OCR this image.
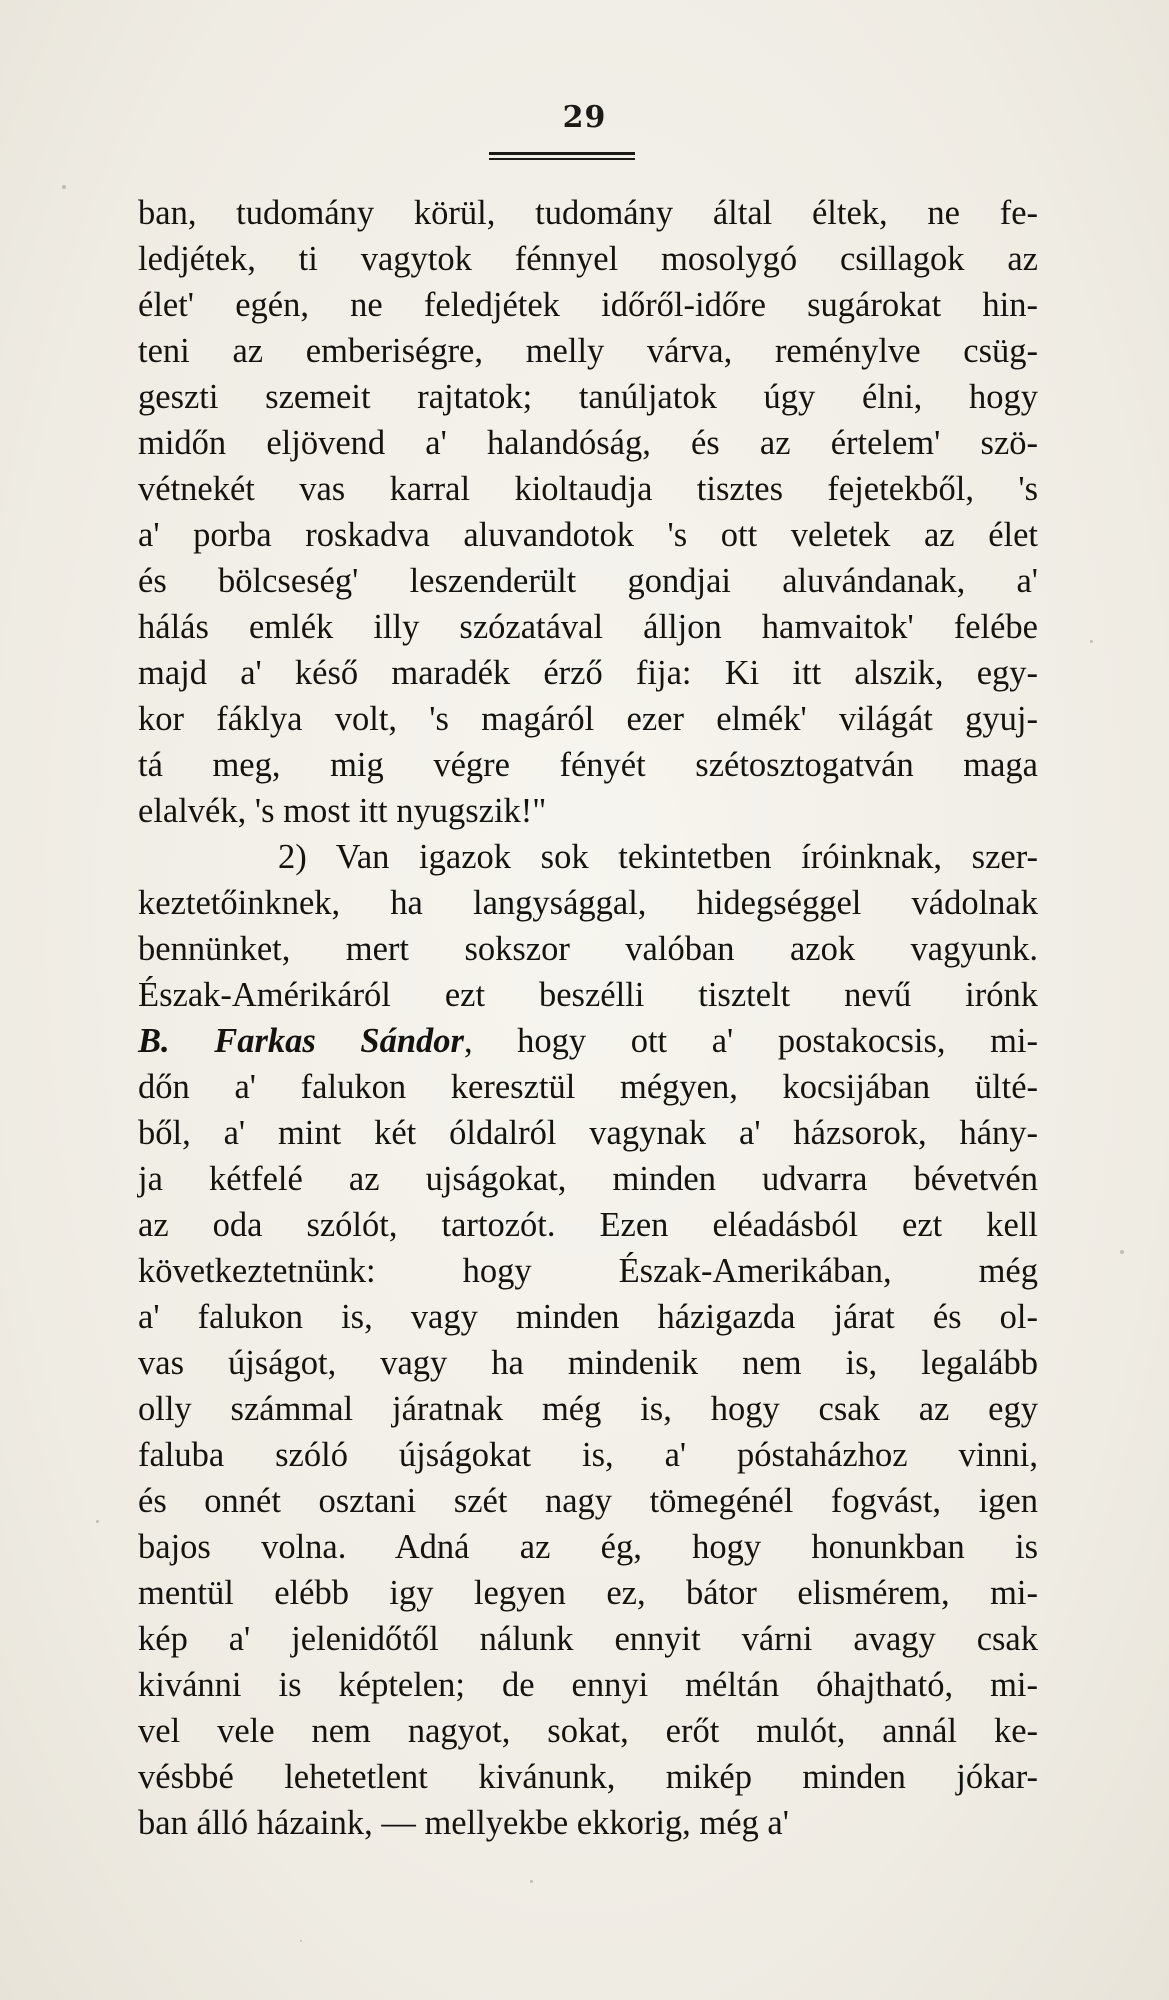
29
ban, tudomány körül, tudomány által éltek, ne fe-
ledjétek, ti vagytok fénnyel mosolygó csillagok az
élet' egén, ne feledjétek időről-időre sugárokat hin-
teni az emberiségre, melly várva, reménylve csüg-
geszti szemeit rajtatok; tanúljatok úgy élni, hogy
midőn eljövend a' halandóság, és az értelem' szö-
vétnekét vas karral kioltaudja tisztes fejetekből, 's
a' porba roskadva aluvandotok 's ott veletek az élet
és bölcseség' leszenderült gondjai aluvándanak, a'
hálás emlék illy szózatával álljon hamvaitok' felébe
majd a' késő maradék érző fija: Ki itt alszik, egy-
kor fáklya volt, 's magáról ezer elmék' világát gyuj-
tá meg, mig végre fényét szétosztogatván maga
elalvék, 's most itt nyugszik!"
2) Van igazok sok tekintetben íróinknak, szer-
keztetőinknek, ha langysággal, hidegséggel vádolnak
bennünket, mert sokszor valóban azok vagyunk.
Észak-Amérikáról ezt beszélli tisztelt nevű irónk
B. Farkas Sándor, hogy ott a' postakocsis, mi-
dőn a' falukon keresztül mégyen, kocsijában ülté-
ből, a' mint két óldalról vagynak a' házsorok, hány-
ja kétfelé az ujságokat, minden udvarra bévetvén
az oda szólót, tartozót. Ezen eléadásból ezt kell
következtetnünk: hogy Észak-Amerikában, még
a' falukon is, vagy minden házigazda járat és ol-
vas újságot, vagy ha mindenik nem is, legalább
olly számmal járatnak még is, hogy csak az egy
faluba szóló újságokat is, a' póstaházhoz vinni,
és onnét osztani szét nagy tömegénél fogvást, igen
bajos volna. Adná az ég, hogy honunkban is
mentül elébb igy legyen ez, bátor elismérem, mi-
kép a' jelenidőtől nálunk ennyit várni avagy csak
kivánni is képtelen; de ennyi méltán óhajtható, mi-
vel vele nem nagyot, sokat, erőt mulót, annál ke-
vésbbé lehetetlent kivánunk, mikép minden jókar-
ban álló házaink, — mellyekbe ekkorig, még a'
